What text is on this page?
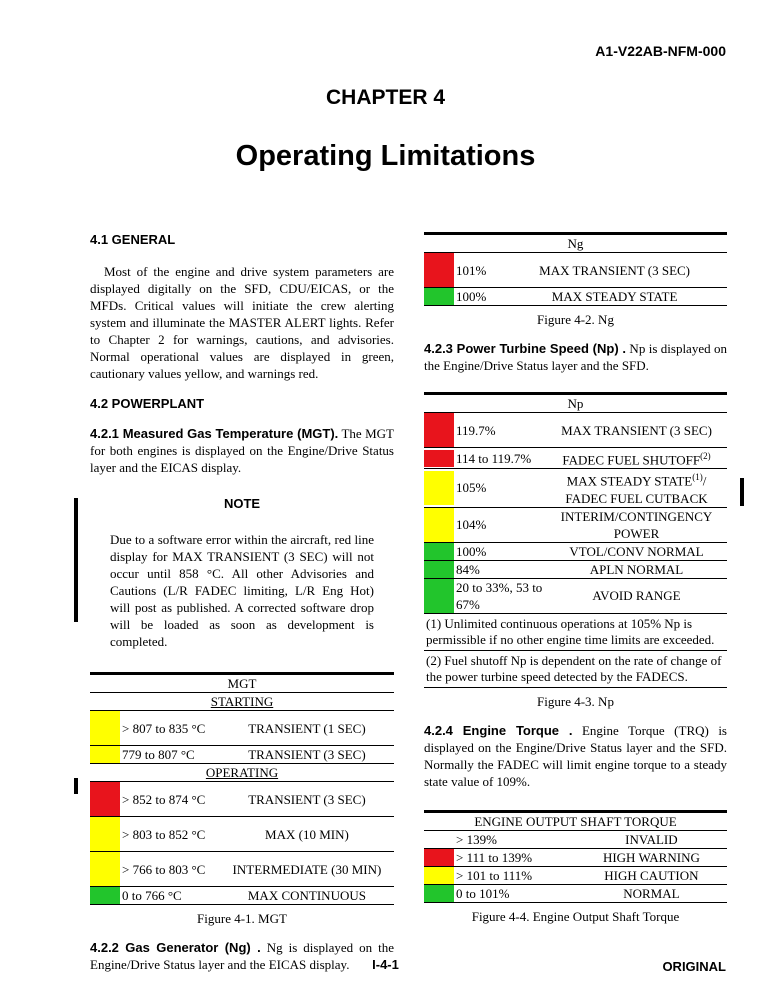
A1-V22AB-NFM-000
CHAPTER 4
Operating Limitations
4.1 GENERAL

Most of the engine and drive system parameters are displayed digitally on the SFD, CDU/EICAS, or the MFDs. Critical values will initiate the crew alerting system and illuminate the MASTER ALERT lights. Refer to Chapter 2 for warnings, cautions, and advisories. Normal operational values are displayed in green, cautionary values yellow, and warnings red.

4.2 POWERPLANT

4.2.1 Measured Gas Temperature (MGT). The MGT for both engines is displayed on the Engine/Drive Status layer and the EICAS display.

NOTE

Due to a software error within the aircraft, red line display for MAX TRANSIENT (3 SEC) will not occur until 858 °C. All other Advisories and Cautions (L/R FADEC limiting, L/R Eng Hot) will post as published. A corrected software drop will be loaded as soon as development is completed.

MGT		
STARTING		

	> 807 to 835 °C	TRANSIENT (1 SEC)

	779 to 807 °C	TRANSIENT (3 SEC)
OPERATING		

	> 852 to 874 °C	TRANSIENT (3 SEC)

	> 803 to 852 °C	MAX (10 MIN)

	> 766 to 803 °C	INTERMEDIATE (30 MIN)

	0 to 766 °C	MAX CONTINUOUS
Figure 4-1. MGT

4.2.2 Gas Generator (Ng) . Ng is displayed on the Engine/Drive Status layer and the EICAS display.

Ng		

	101%	MAX TRANSIENT (3 SEC)

	100%	MAX STEADY STATE
Figure 4-2. Ng

4.2.3 Power Turbine Speed (Np) . Np is displayed on the Engine/Drive Status layer and the SFD.

Np		

	119.7%	MAX TRANSIENT (3 SEC)

	114 to 119.7%	FADEC FUEL SHUTOFF$^{(2)}$

	105%	MAX STEADY STATE$^{(1)}$/ FADEC FUEL CUTBACK

	104%	INTERIM/CONTINGENCY POWER

	100%	VTOL/CONV NORMAL

	84%	APLN NORMAL

	20 to 33%, 53 to 67%	AVOID RANGE
(1) Unlimited continuous operations at 105% Np is permissible if no other engine time limits are exceeded.
(2) Fuel shutoff Np is dependent on the rate of change of the power turbine speed detected by the FADECS.
Figure 4-3. Np

4.2.4 Engine Torque . Engine Torque (TRQ) is displayed on the Engine/Drive Status layer and the SFD. Normally the FADEC will limit engine torque to a steady state value of 109%.

ENGINE OUTPUT SHAFT TORQUE		

	> 139%	INVALID

	> 111 to 139%	HIGH WARNING

	> 101 to 111%	HIGH CAUTION

	0 to 101%	NORMAL
Figure 4-4. Engine Output Shaft Torque
I-4-1	ORIGINAL
